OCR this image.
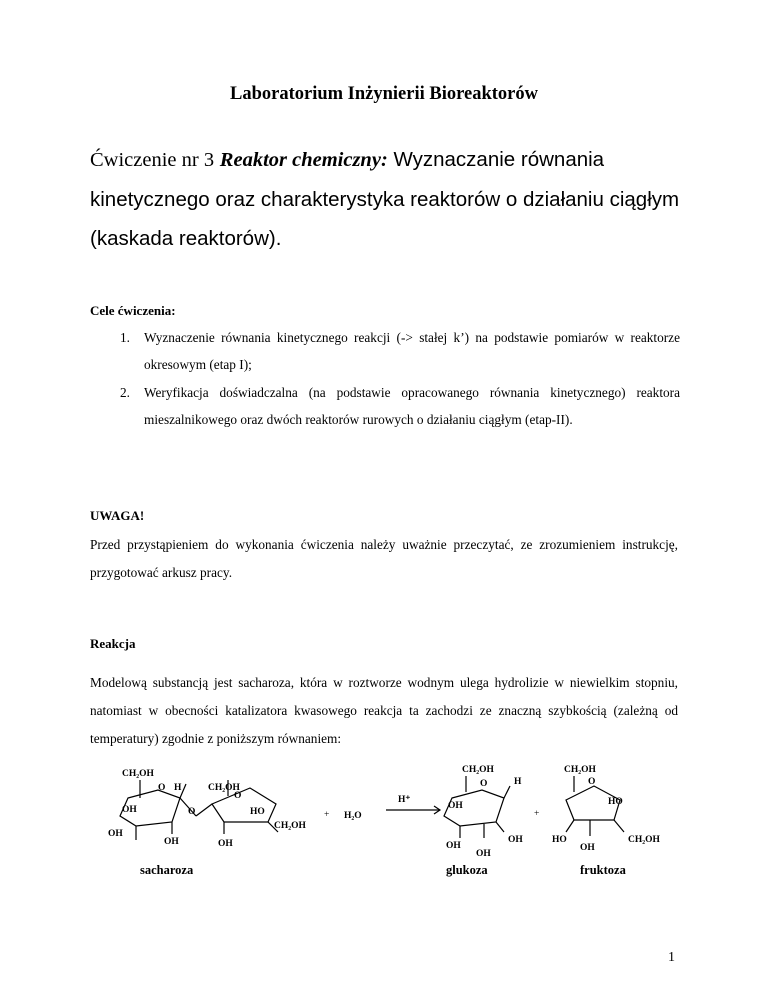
Laboratorium Inżynierii Bioreaktorów
Ćwiczenie nr 3 Reaktor chemiczny: Wyznaczanie równania kinetycznego oraz charakterystyka reaktorów o działaniu ciągłym (kaskada reaktorów).
Cele ćwiczenia:
1. Wyznaczenie równania kinetycznego reakcji (-> stałej k’) na podstawie pomiarów w reaktorze okresowym (etap I);
2. Weryfikacja doświadczalna (na podstawie opracowanego równania kinetycznego) reaktora mieszalnikowego oraz dwóch reaktorów rurowych o działaniu ciągłym (etap-II).
UWAGA!
Przed przystąpieniem do wykonania ćwiczenia należy uważnie przeczytać, ze zrozumieniem instrukcję, przygotować arkusz pracy.
Reakcja
Modelową substancją jest sacharoza, która w roztworze wodnym ulega hydrolizie w niewielkim stopniu, natomiast w obecności katalizatora kwasowego reakcja ta zachodzi ze znaczną szybkością (zależną od temperatury) zgodnie z poniższym równaniem:
CH₂OH
H
O
OH
OH
OH
CH₂OH
O
HO
CH₂OH
OH
O	+ H₂O
H⁺
CH₂OH
O	H
OH
OH
OH
OH
+
CH₂OH
O
HO
HO	CH₂OH
OH
sacharoza	glukoza	fruktoza
1
